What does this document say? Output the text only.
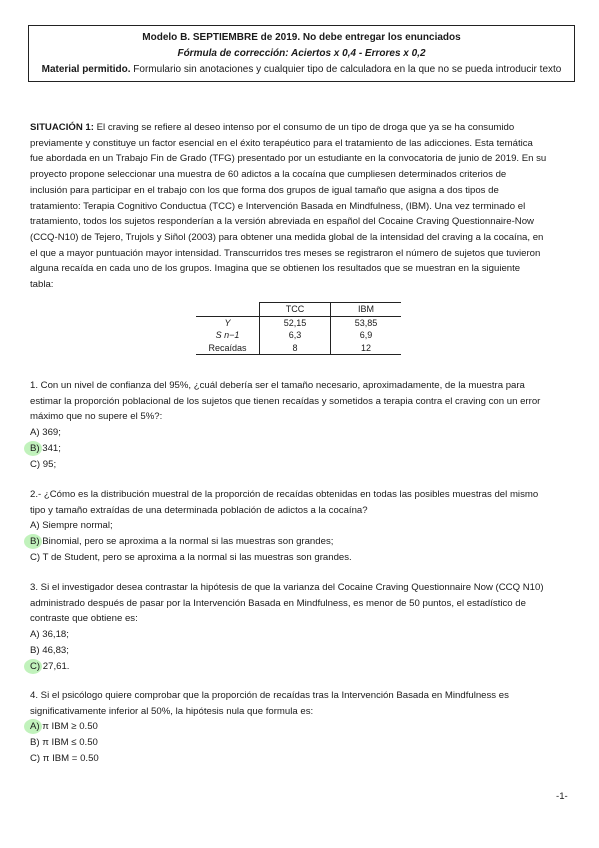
Modelo B. SEPTIEMBRE de 2019. No debe entregar los enunciados
Fórmula de corrección: Aciertos x 0,4 - Errores x 0,2
Material permitido. Formulario sin anotaciones y cualquier tipo de calculadora en la que no se pueda introducir texto
SITUACIÓN 1: El craving se refiere al deseo intenso por el consumo de un tipo de droga que ya se ha consumido
previamente y constituye un factor esencial en el éxito terapéutico para el tratamiento de las adicciones. Esta temática
fue abordada en un Trabajo Fin de Grado (TFG) presentado por un estudiante en la convocatoria de junio de 2019. En su
proyecto propone seleccionar una muestra de 60 adictos a la cocaína que cumpliesen determinados criterios de
inclusión para participar en el trabajo con los que forma dos grupos de igual tamaño que asigna a dos tipos de
tratamiento: Terapia Cognitivo Conductua (TCC) e Intervención Basada en Mindfulness, (IBM). Una vez terminado el
tratamiento, todos los sujetos responderían a la versión abreviada en español del Cocaine Craving Questionnaire-Now
(CCQ-N10) de Tejero, Trujols y Siñol (2003) para obtener una medida global de la intensidad del craving a la cocaína, en
el que a mayor puntuación mayor intensidad. Transcurridos tres meses se registraron el número de sujetos que tuvieron
alguna recaída en cada uno de los grupos. Imagina que se obtienen los resultados que se muestran en la siguiente
tabla:
	TCC	IBM
Y	52,15	53,85
S n−1	6,3	6,9
Recaídas	8	12
1. Con un nivel de confianza del 95%, ¿cuál debería ser el tamaño necesario, aproximadamente, de la muestra para
estimar la proporción poblacional de los sujetos que tienen recaídas y sometidos a terapia contra el craving con un error
máximo que no supere el 5%?:
A) 369;
B) 341;
C) 95;
2.- ¿Cómo es la distribución muestral de la proporción de recaídas obtenidas en todas las posibles muestras del mismo
tipo y tamaño extraídas de una determinada población de adictos a la cocaína?
A) Siempre normal;
B) Binomial, pero se aproxima a la normal si las muestras son grandes;
C) T de Student, pero se aproxima a la normal si las muestras son grandes.
3. Si el investigador desea contrastar la hipótesis de que la varianza del Cocaine Craving Questionnaire Now (CCQ N10)
administrado después de pasar por la Intervención Basada en Mindfulness, es menor de 50 puntos, el estadístico de
contraste que obtiene es:
A) 36,18;
B) 46,83;
C) 27,61.
4. Si el psicólogo quiere comprobar que la proporción de recaídas tras la Intervención Basada en Mindfulness es
significativamente inferior al 50%, la hipótesis nula que formula es:
A) π IBM ≥ 0.50
B) π IBM ≤ 0.50
C) π IBM = 0.50
-1-
